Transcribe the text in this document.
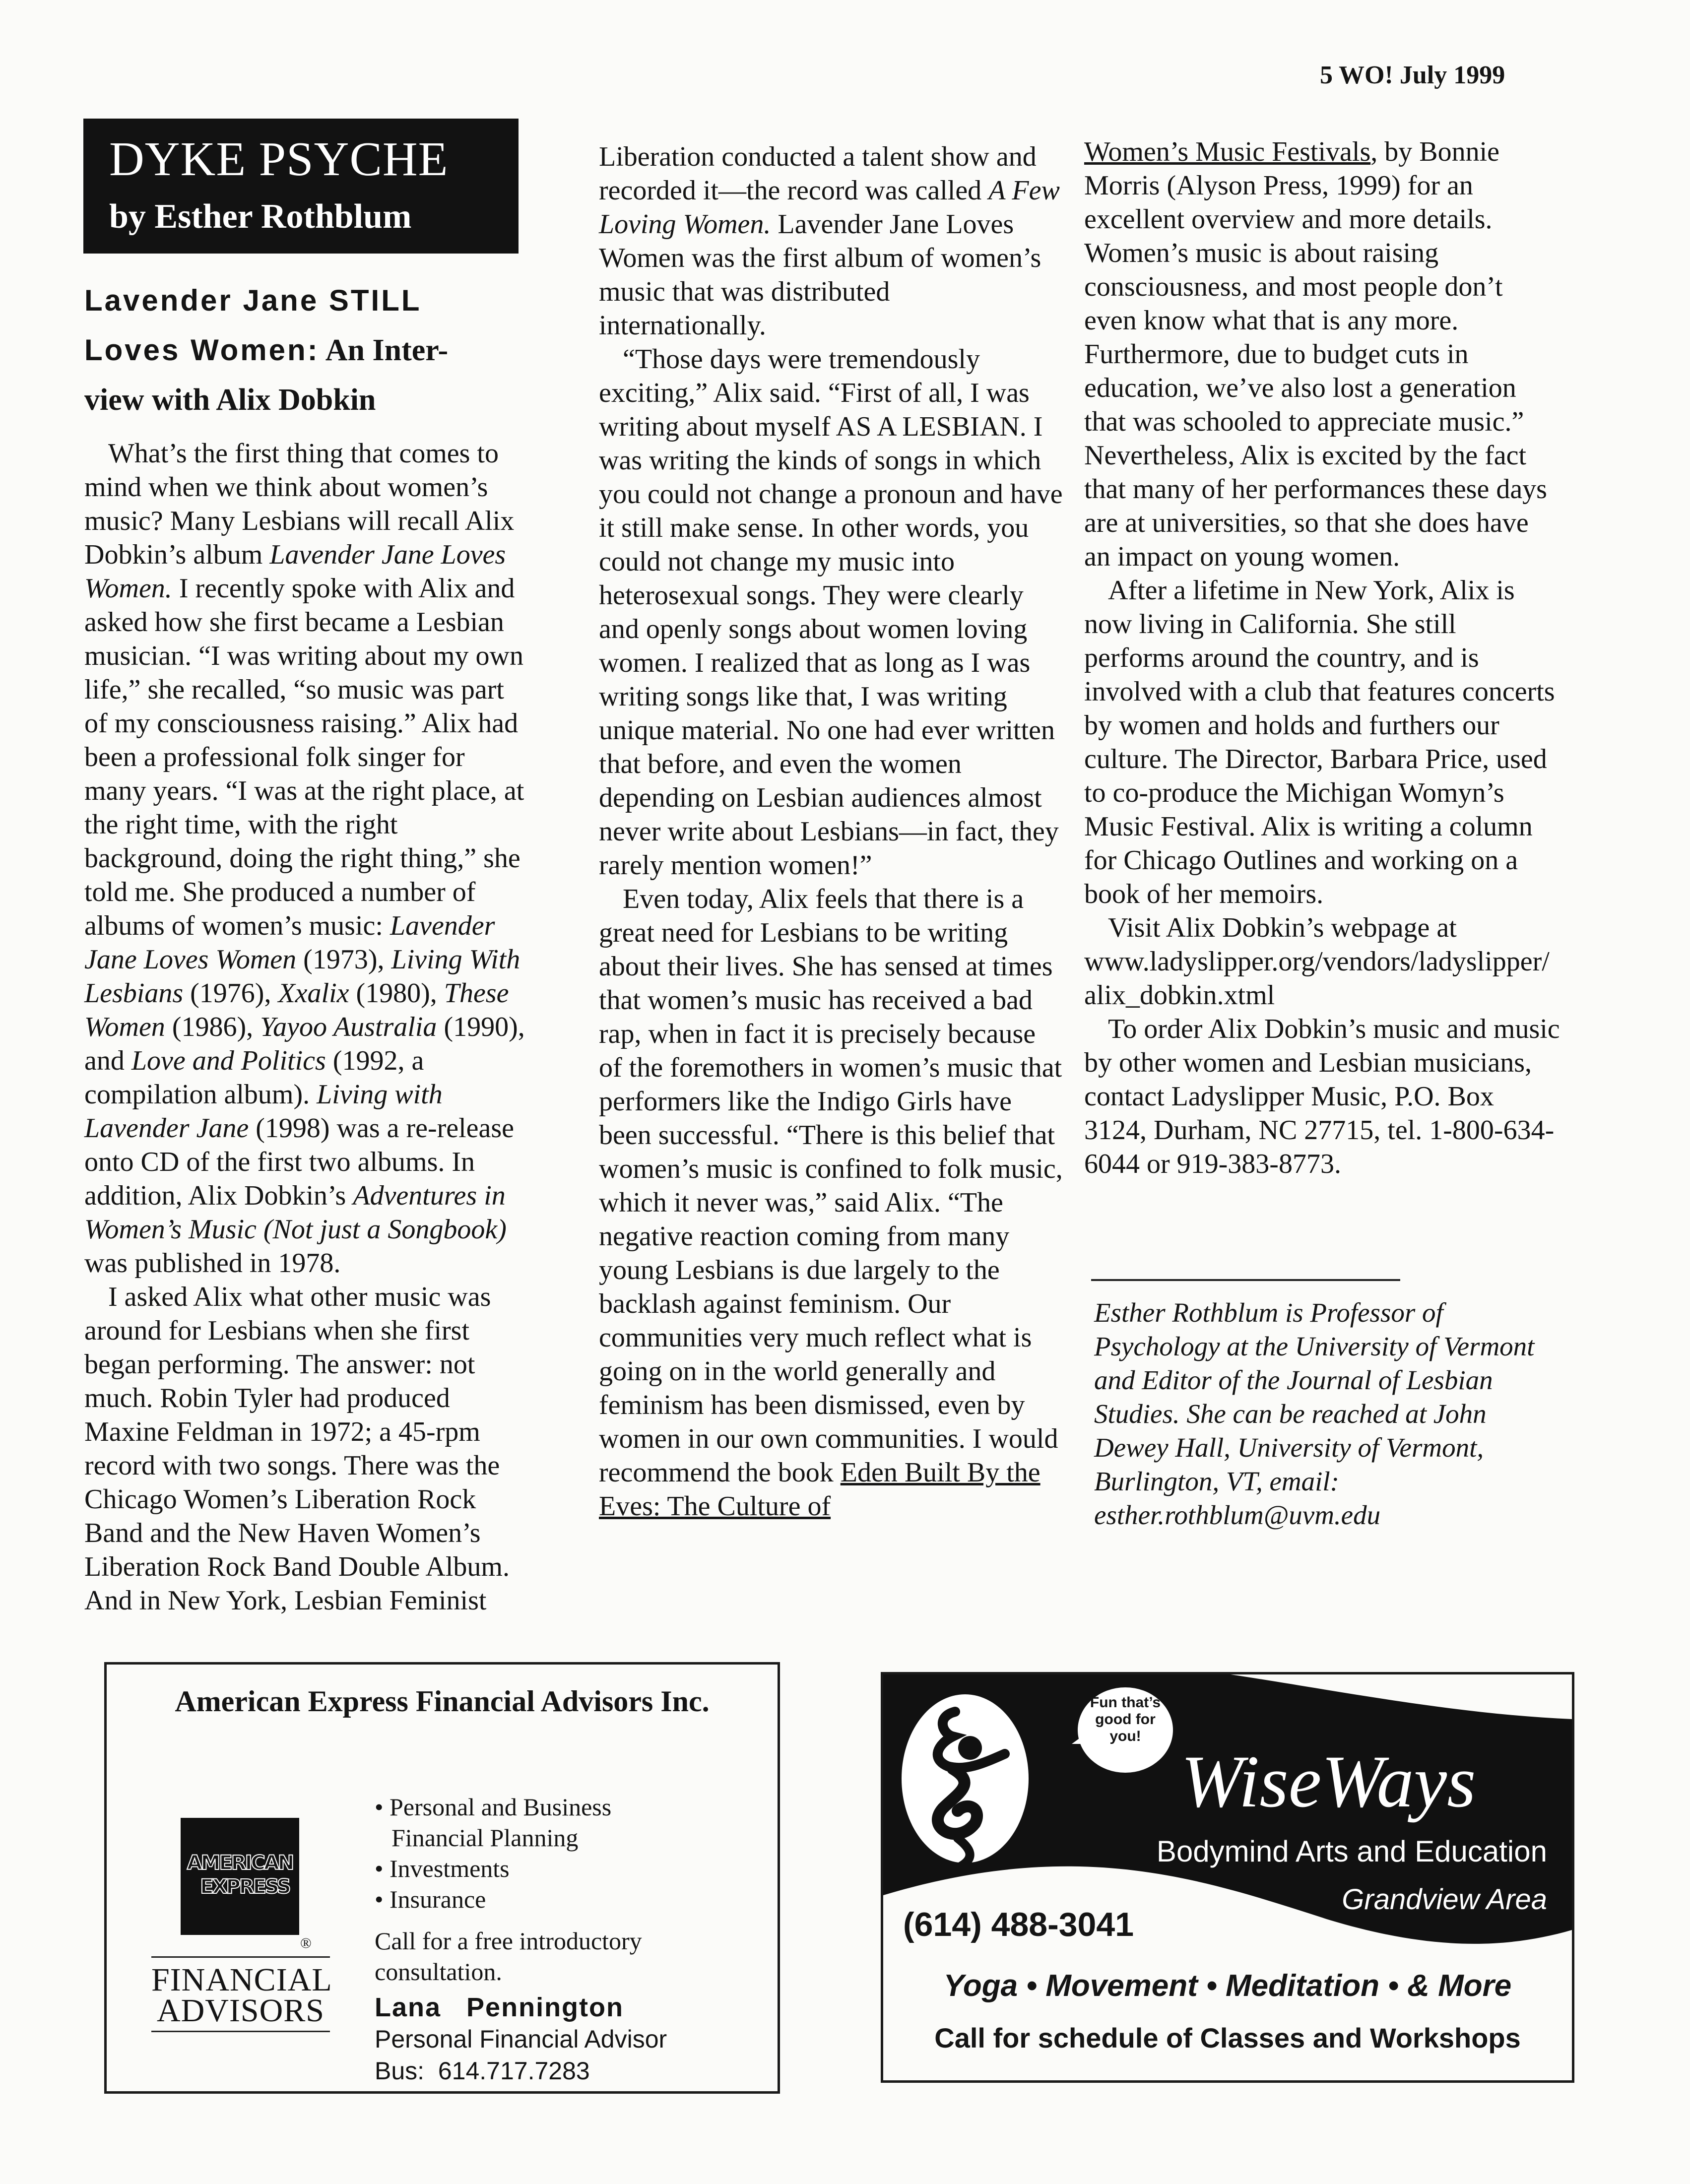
5 WO! July 1999
DYKE PSYCHE
by Esther Rothblum
Lavender Jane STILL
Loves Women: An Inter-
view with Alix Dobkin

What’s the first thing that comes to mind when we think about women’s music? Many Lesbians will recall Alix Dobkin’s album Lavender Jane Loves Women. I recently spoke with Alix and asked how she first became a Lesbian musician. “I was writing about my own life,” she recalled, “so music was part of my consciousness raising.” Alix had been a professional folk singer for many years. “I was at the right place, at the right time, with the right background, doing the right thing,” she told me. She produced a number of albums of women’s music: Lavender Jane Loves Women (1973), Living With Lesbians (1976), Xxalix (1980), These Women (1986), Yayoo Australia (1990), and Love and Politics (1992, a compilation album). Living with Lavender Jane (1998) was a re-release onto CD of the first two albums. In addition, Alix Dobkin’s Adventures in Women’s Music (Not just a Songbook) was published in 1978.

I asked Alix what other music was around for Lesbians when she first began performing. The answer: not much. Robin Tyler had produced Maxine Feldman in 1972; a 45-rpm record with two songs. There was the Chicago Women’s Liberation Rock Band and the New Haven Women’s Liberation Rock Band Double Album. And in New York, Lesbian Feminist

Liberation conducted a talent show and recorded it—the record was called A Few Loving Women. Lavender Jane Loves Women was the first album of women’s music that was distributed internationally.

“Those days were tremendously exciting,” Alix said. “First of all, I was writing about myself AS A LESBIAN. I was writing the kinds of songs in which you could not change a pronoun and have it still make sense. In other words, you could not change my music into heterosexual songs. They were clearly and openly songs about women loving women. I realized that as long as I was writing songs like that, I was writing unique material. No one had ever written that before, and even the women depending on Lesbian audiences almost never write about Lesbians—in fact, they rarely mention women!”

Even today, Alix feels that there is a great need for Lesbians to be writing about their lives. She has sensed at times that women’s music has received a bad rap, when in fact it is precisely because of the foremothers in women’s music that performers like the Indigo Girls have been successful. “There is this belief that women’s music is confined to folk music, which it never was,” said Alix. “The negative reaction coming from many young Lesbians is due largely to the backlash against feminism. Our communities very much reflect what is going on in the world generally and feminism has been dismissed, even by women in our own communities. I would recommend the book Eden Built By the Eves: The Culture of

Women’s Music Festivals, by Bonnie Morris (Alyson Press, 1999) for an excellent overview and more details. Women’s music is about raising consciousness, and most people don’t even know what that is any more. Furthermore, due to budget cuts in education, we’ve also lost a generation that was schooled to appreciate music.” Nevertheless, Alix is excited by the fact that many of her performances these days are at universities, so that she does have an impact on young women.

After a lifetime in New York, Alix is now living in California. She still performs around the country, and is involved with a club that features concerts by women and holds and furthers our culture. The Director, Barbara Price, used to co-produce the Michigan Womyn’s Music Festival. Alix is writing a column for Chicago Outlines and working on a book of her memoirs.

Visit Alix Dobkin’s webpage at www.ladyslipper.org/vendors/ladyslipper/alix_dobkin.xtml

To order Alix Dobkin’s music and music by other women and Lesbian musicians, contact Ladyslipper Music, P.O. Box 3124, Durham, NC 27715, tel. 1-800-634-6044 or 919-383-8773.

Esther Rothblum is Professor of Psychology at the University of Vermont and Editor of the Journal of Lesbian Studies. She can be reached at John Dewey Hall, University of Vermont, Burlington, VT, email: esther.rothblum@uvm.edu
American Express Financial Advisors Inc.
• Personal and Business
Financial Planning
• Investments
• Insurance
Call for a free introductory
consultation.
AMERICAN
EXPRESS
®
FINANCIAL
ADVISORS Lana   Pennington
Personal Financial Advisor
Bus:  614.717.7283
Fun that’s good for you!
WiseWays
Bodymind Arts and Education
Grandview Area
(614) 488-3041
Yoga • Movement • Meditation • & More
Call for schedule of Classes and Workshops
